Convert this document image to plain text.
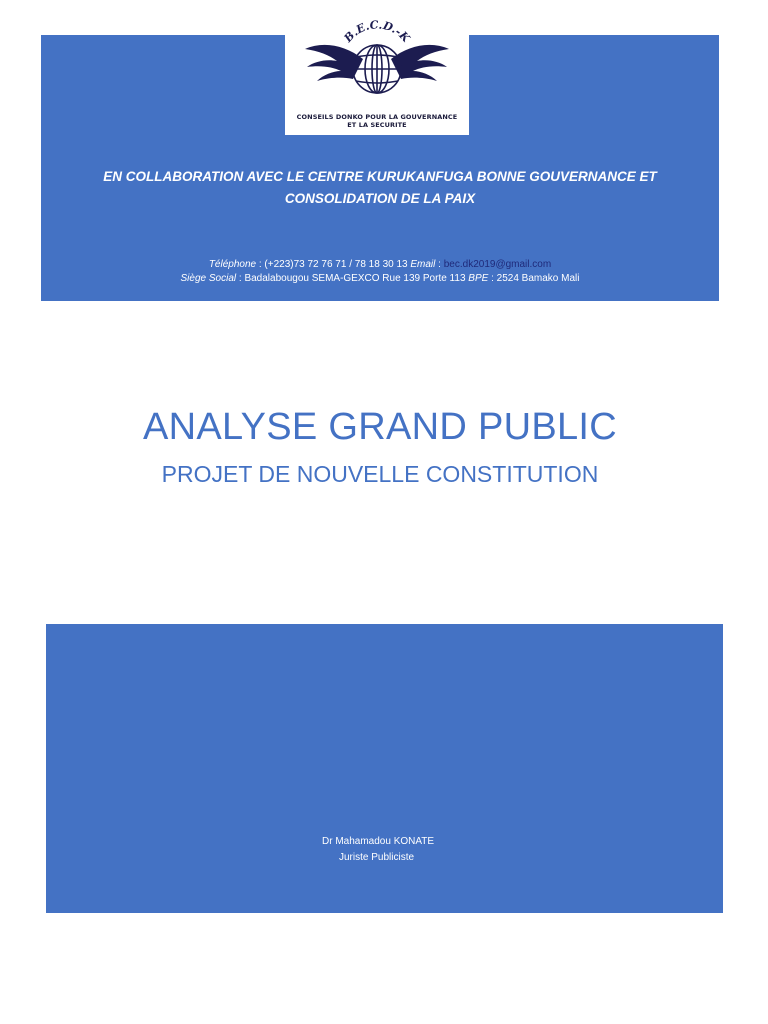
B.E.C.D.-K
CONSEILS DONKO POUR LA GOUVERNANCE
ET LA SECURITE
EN COLLABORATION AVEC LE CENTRE KURUKANFUGA BONNE GOUVERNANCE ET
CONSOLIDATION DE LA PAIX
Téléphone : (+223)73 72 76 71 / 78 18 30 13 Email : bec.dk2019@gmail.com
Siège Social : Badalabougou SEMA-GEXCO Rue 139 Porte 113 BPE : 2524 Bamako Mali
ANALYSE GRAND PUBLIC
PROJET DE NOUVELLE CONSTITUTION
Dr Mahamadou KONATE
Juriste Publiciste
